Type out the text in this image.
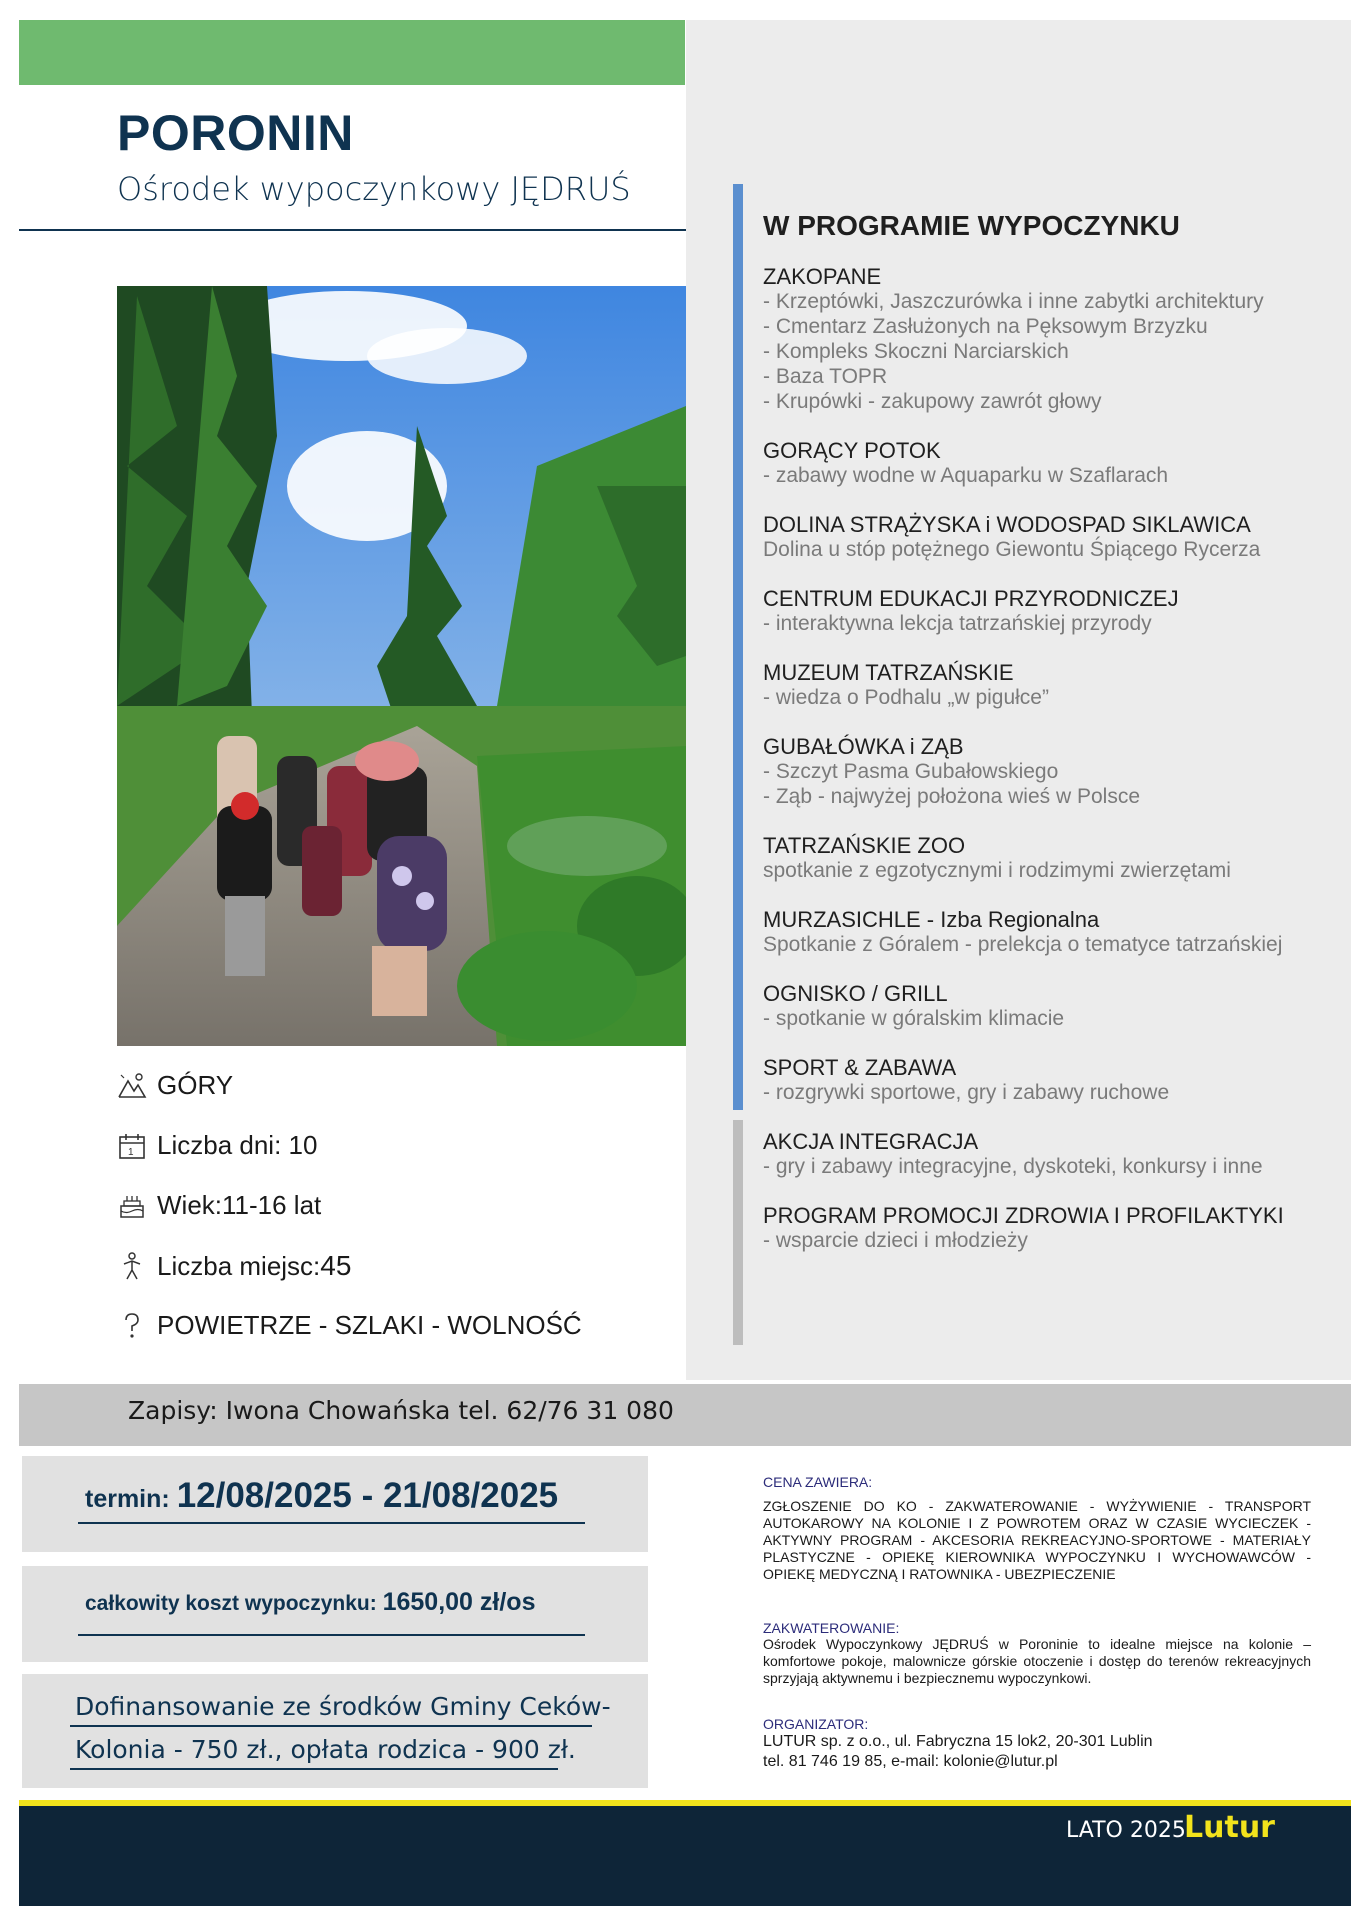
PORONIN
Ośrodek wypoczynkowy JĘDRUŚ
GÓRY
1 Liczba dni: 10
Wiek:11-16 lat
Liczba miejsc: 45
POWIETRZE - SZLAKI - WOLNOŚĆ
W PROGRAMIE WYPOCZYNKU
ZAKOPANE
- Krzeptówki, Jaszczurówka i inne zabytki architektury
- Cmentarz Zasłużonych na Pęksowym Brzyzku
- Kompleks Skoczni Narciarskich
- Baza TOPR
- Krupówki - zakupowy zawrót głowy
GORĄCY POTOK
- zabawy wodne w Aquaparku w Szaflarach
DOLINA STRĄŻYSKA i WODOSPAD SIKLAWICA
Dolina u stóp potężnego Giewontu Śpiącego Rycerza
CENTRUM EDUKACJI PRZYRODNICZEJ
- interaktywna lekcja tatrzańskiej przyrody
MUZEUM TATRZAŃSKIE
- wiedza o Podhalu „w pigułce”
GUBAŁÓWKA i ZĄB
- Szczyt Pasma Gubałowskiego
- Ząb - najwyżej położona wieś w Polsce
TATRZAŃSKIE ZOO
spotkanie z egzotycznymi i rodzimymi zwierzętami
MURZASICHLE - Izba Regionalna
Spotkanie z Góralem - prelekcja o tematyce tatrzańskiej
OGNISKO / GRILL
- spotkanie w góralskim klimacie
SPORT & ZABAWA
- rozgrywki sportowe, gry i zabawy ruchowe
AKCJA INTEGRACJA
- gry i zabawy integracyjne, dyskoteki, konkursy i inne
PROGRAM PROMOCJI ZDROWIA I PROFILAKTYKI
- wsparcie dzieci i młodzieży
Zapisy: Iwona Chowańska tel. 62/76 31 080
termin: 12/08/2025 - 21/08/2025
całkowity koszt wypoczynku: 1650,00 zł/os
Dofinansowanie ze środków Gminy Ceków-
Kolonia - 750 zł., opłata rodzica - 900 zł.
CENA ZAWIERA:
ZGŁOSZENIE DO KO - ZAKWATEROWANIE - WYŻYWIENIE - TRANSPORT AUTOKAROWY NA KOLONIE I Z POWROTEM ORAZ W CZASIE WYCIECZEK - AKTYWNY PROGRAM - AKCESORIA REKREACYJNO-SPORTOWE - MATERIAŁY PLASTYCZNE - OPIEKĘ KIEROWNIKA WYPOCZYNKU I WYCHOWAWCÓW - OPIEKĘ MEDYCZNĄ I RATOWNIKA - UBEZPIECZENIE
ZAKWATEROWANIE:
Ośrodek Wypoczynkowy JĘDRUŚ w Poroninie to idealne miejsce na kolonie – komfortowe pokoje, malownicze górskie otoczenie i dostęp do terenów rekreacyjnych sprzyjają aktywnemu i bezpiecznemu wypoczynkowi.
ORGANIZATOR:
LUTUR sp. z o.o., ul. Fabryczna 15 lok2, 20-301 Lublin
tel. 81 746 19 85, e-mail: kolonie@lutur.pl
LATO 2025
Lutur
